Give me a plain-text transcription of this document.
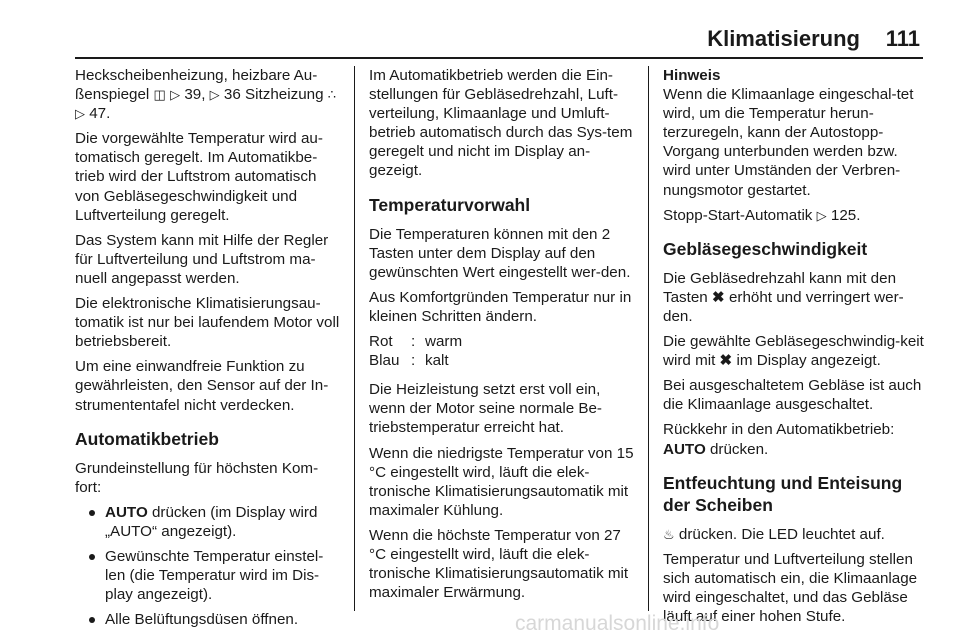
Klimatisierung 111

Heckscheibenheizung, heizbare Au- ßenspiegel ◫ ▷ 39, ▷ 36 Sitzheizung ∴ ▷ 47.

Die vorgewählte Temperatur wird au-tomatisch geregelt. Im Automatikbe-trieb wird der Luftstrom automatisch von Gebläsegeschwindigkeit und Luftverteilung geregelt.

Das System kann mit Hilfe der Regler für Luftverteilung und Luftstrom ma-nuell angepasst werden.

Die elektronische Klimatisierungsau-tomatik ist nur bei laufendem Motor voll betriebsbereit.

Um eine einwandfreie Funktion zu gewährleisten, den Sensor auf der In-strumententafel nicht verdecken.

Automatikbetrieb

Grundeinstellung für höchsten Kom-fort:

AUTO drücken (im Display wird „AUTO“ angezeigt).
Gewünschte Temperatur einstel-len (die Temperatur wird im Dis-play angezeigt).
Alle Belüftungsdüsen öffnen.

Im Automatikbetrieb werden die Ein-stellungen für Gebläsedrehzahl, Luft-verteilung, Klimaanlage und Umluft-betrieb automatisch durch das Sys-tem geregelt und nicht im Display an-gezeigt.

Temperaturvorwahl

Die Temperaturen können mit den 2 Tasten unter dem Display auf den gewünschten Wert eingestellt wer-den.

Aus Komfortgründen Temperatur nur in kleinen Schritten ändern.

Rot	: warm
Blau : kalt

Die Heizleistung setzt erst voll ein, wenn der Motor seine normale Be-triebstemperatur erreicht hat.

Wenn die niedrigste Temperatur von 15 °C eingestellt wird, läuft die elek-tronische Klimatisierungsautomatik mit maximaler Kühlung.

Wenn die höchste Temperatur von 27 °C eingestellt wird, läuft die elek-tronische Klimatisierungsautomatik mit maximaler Erwärmung.

Hinweis

Wenn die Klimaanlage eingeschal-tet wird, um die Temperatur herun-terzuregeln, kann der Autostopp-Vorgang unterbunden werden bzw. wird unter Umständen der Verbren-nungsmotor gestartet.

Stopp-Start-Automatik ▷ 125.

Gebläsegeschwindigkeit

Die Gebläsedrehzahl kann mit den Tasten ✖ erhöht und verringert wer-den.

Die gewählte Gebläsegeschwindig-keit wird mit ✖ im Display angezeigt.

Bei ausgeschaltetem Gebläse ist auch die Klimaanlage ausgeschaltet.

Rückkehr in den Automatikbetrieb:
AUTO drücken.

Entfeuchtung und Enteisung der Scheiben

♨ drücken. Die LED leuchtet auf.

Temperatur und Luftverteilung stellen sich automatisch ein, die Klimaanlage wird eingeschaltet, und das Gebläse läuft auf einer hohen Stufe.

carmanualsonline.info
